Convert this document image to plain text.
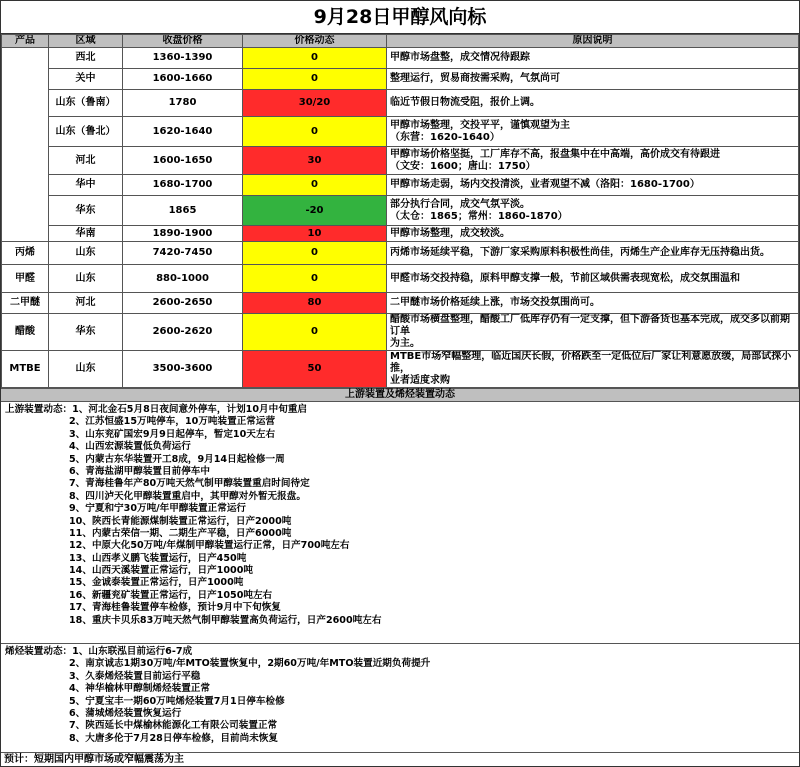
9月28日甲醇风向标
产品	区域	收盘价格	价格动态	原因说明
	西北	1360-1390	0	甲醇市场盘整，成交情况待跟踪

	关中	1600-1660	0	整理运行，贸易商按需采购，气氛尚可

	山东（鲁南）	1780	30/20	临近节假日物流受阻，报价上调。

	山东（鲁北）	1620-1640	0	甲醇市场整理，交投平平，谨慎观望为主
（东营：1620-1640）

	河北	1600-1650	30	甲醇市场价格坚挺，工厂库存不高，报盘集中在中高端，高价成交有待跟进
（文安：1600；唐山：1750）

	华中	1680-1700	0	甲醇市场走弱，场内交投清淡，业者观望不减（洛阳：1680-1700）

	华东	1865	-20	部分执行合同，成交气氛平淡。
（太仓：1865；常州：1860-1870）

	华南	1890-1900	10	甲醇市场整理，成交较淡。

丙烯	山东	7420-7450	0	丙烯市场延续平稳，下游厂家采购原料积极性尚佳，丙烯生产企业库存无压持稳出货。

甲醛	山东	880-1000	0	甲醛市场交投持稳，原料甲醇支撑一般，节前区域供需表现宽松，成交氛围温和

二甲醚	河北	2600-2650	80	二甲醚市场价格延续上涨，市场交投氛围尚可。

醋酸	华东	2600-2620	0	醋酸市场横盘整理，醋酸工厂低库存仍有一定支撑，但下游备货也基本完成，成交多以前期订单
为主。

MTBE	山东	3500-3600	50	MTBE市场窄幅整理，临近国庆长假，价格跌至一定低位后厂家让利意愿放缓，局部试探小推，
业者适度求购
上游装置及烯烃装置动态
上游装置动态：1、河北金石5月8日夜间意外停车，计划10月中旬重启
2、江苏恒盛15万吨停车，10万吨装置正常运营
3、山东兖矿国宏9月9日起停车，暂定10天左右
4、山西宏源装置低负荷运行
5、内蒙古东华装置开工8成，9月14日起检修一周
6、青海盐湖甲醇装置目前停车中
7、青海桂鲁年产80万吨天然气制甲醇装置重启时间待定
8、四川泸天化甲醇装置重启中，其甲醇对外暂无报盘。
9、宁夏和宁30万吨/年甲醇装置正常运行
10、陕西长青能源煤制装置正常运行，日产2000吨
11、内蒙古荣信一期、二期生产平稳，日产6000吨
12、中原大化50万吨/年煤制甲醇装置运行正常，日产700吨左右
13、山西孝义鹏飞装置运行，日产450吨
14、山西天溪装置正常运行，日产1000吨
15、金诚泰装置正常运行，日产1000吨
16、新疆兖矿装置正常运行，日产1050吨左右
17、青海桂鲁装置停车检修，预计9月中下旬恢复
18、重庆卡贝乐83万吨天然气制甲醇装置高负荷运行，日产2600吨左右
烯烃装置动态：1、山东联泓目前运行6-7成
2、南京诚志1期30万吨/年MTO装置恢复中，2期60万吨/年MTO装置近期负荷提升
3、久泰烯烃装置目前运行平稳
4、神华榆林甲醇制烯烃装置正常
5、宁夏宝丰一期60万吨烯烃装置7月1日停车检修
6、蒲城烯烃装置恢复运行
7、陕西延长中煤榆林能源化工有限公司装置正常
8、大唐多伦于7月28日停车检修，目前尚未恢复
预计：短期国内甲醇市场或窄幅震荡为主
